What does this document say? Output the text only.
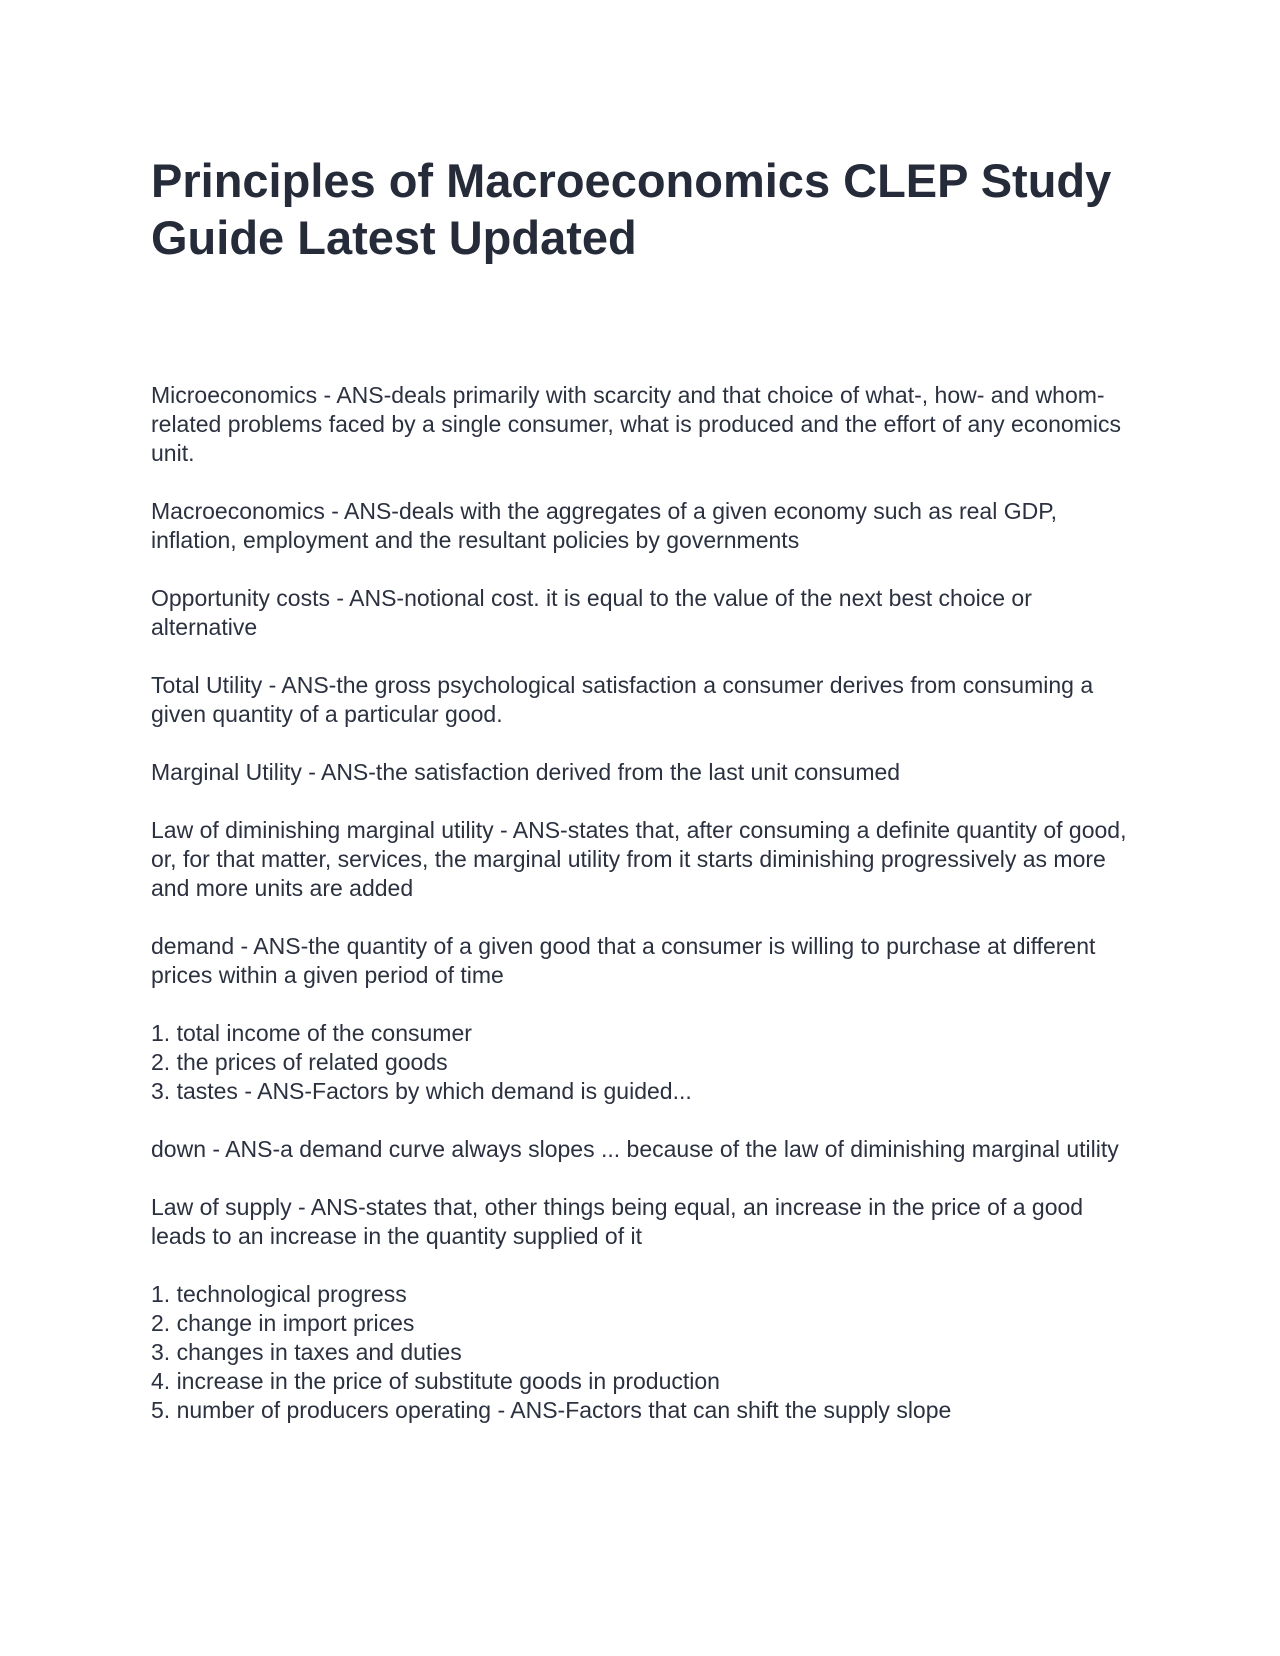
Principles of Macroeconomics CLEP Study Guide Latest Updated

Microeconomics - ANS-deals primarily with scarcity and that choice of what-, how- and whom-related problems faced by a single consumer, what is produced and the effort of any economics unit.

Macroeconomics - ANS-deals with the aggregates of a given economy such as real GDP, inflation, employment and the resultant policies by governments

Opportunity costs - ANS-notional cost. it is equal to the value of the next best choice or alternative

Total Utility - ANS-the gross psychological satisfaction a consumer derives from consuming a given quantity of a particular good.

Marginal Utility - ANS-the satisfaction derived from the last unit consumed

Law of diminishing marginal utility - ANS-states that, after consuming a definite quantity of good, or, for that matter, services, the marginal utility from it starts diminishing progressively as more and more units are added

demand - ANS-the quantity of a given good that a consumer is willing to purchase at different prices within a given period of time

1. total income of the consumer
2. the prices of related goods
3. tastes - ANS-Factors by which demand is guided...

down - ANS-a demand curve always slopes ... because of the law of diminishing marginal utility

Law of supply - ANS-states that, other things being equal, an increase in the price of a good leads to an increase in the quantity supplied of it

1. technological progress
2. change in import prices
3. changes in taxes and duties
4. increase in the price of substitute goods in production
5. number of producers operating - ANS-Factors that can shift the supply slope
